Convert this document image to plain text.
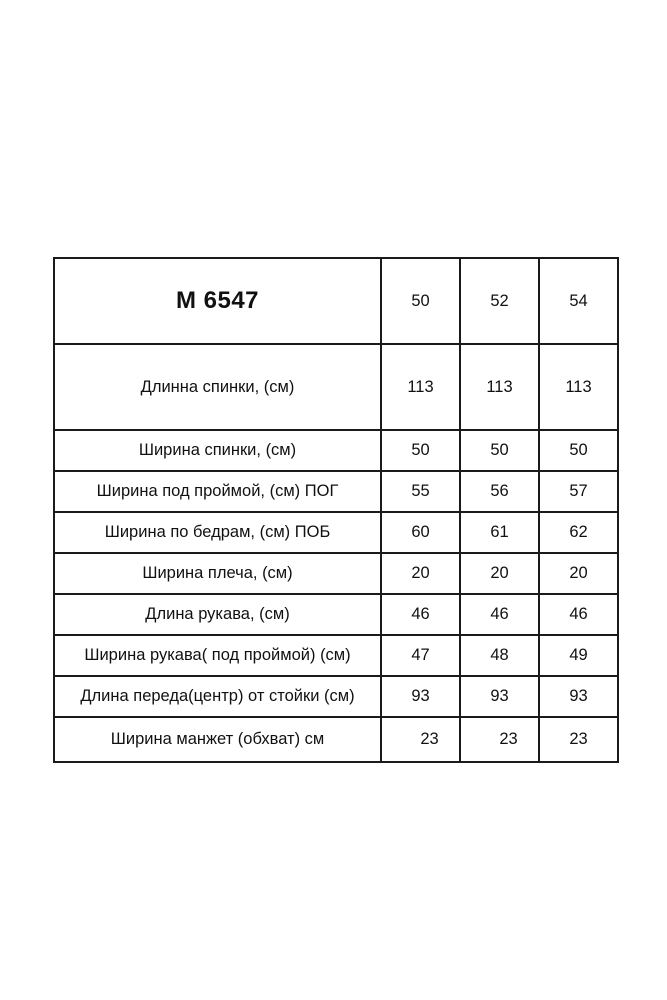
M 6547	50	52	54
Длинна спинки, (см)	113	113	113
Ширина спинки, (см)	50	50	50
Ширина под проймой, (см) ПОГ	55	56	57
Ширина по бедрам, (см) ПОБ	60	61	62
Ширина плеча, (см)	20	20	20
Длина рукава, (см)	46	46	46
Ширина рукава( под проймой) (см)	47	48	49
Длина переда(центр) от стойки (см)	93	93	93
Ширина манжет (обхват) см	23	23	23
